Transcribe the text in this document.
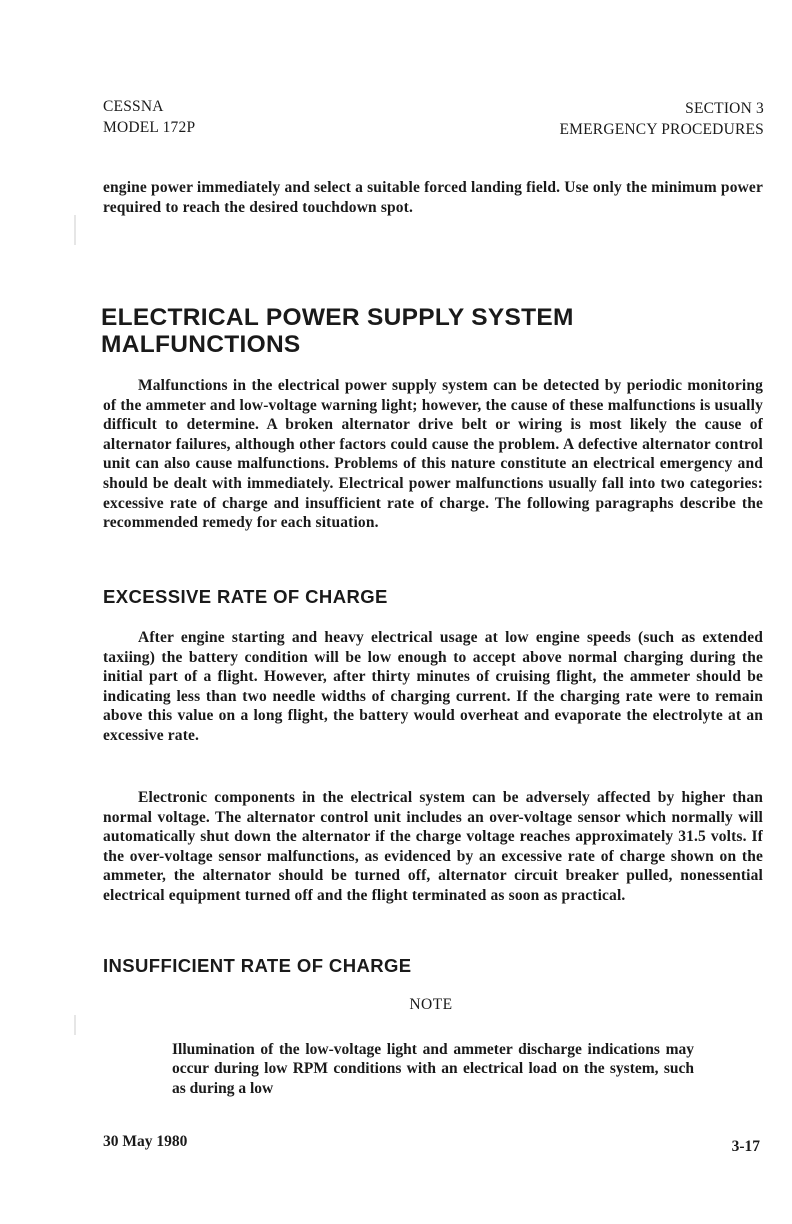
CESSNA
MODEL 172P
SECTION 3
EMERGENCY PROCEDURES

engine power immediately and select a suitable forced landing field. Use only the minimum power required to reach the desired touchdown spot.

ELECTRICAL POWER SUPPLY SYSTEM MALFUNCTIONS

Malfunctions in the electrical power supply system can be detected by periodic monitoring of the ammeter and low-voltage warning light; however, the cause of these malfunctions is usually difficult to determine. A broken alternator drive belt or wiring is most likely the cause of alternator failures, although other factors could cause the problem. A defective alternator control unit can also cause malfunctions. Problems of this nature constitute an electrical emergency and should be dealt with immediately. Electrical power malfunctions usually fall into two categories: excessive rate of charge and insufficient rate of charge. The following paragraphs describe the recommended remedy for each situation.

EXCESSIVE RATE OF CHARGE

After engine starting and heavy electrical usage at low engine speeds (such as extended taxiing) the battery condition will be low enough to accept above normal charging during the initial part of a flight. However, after thirty minutes of cruising flight, the ammeter should be indicating less than two needle widths of charging current. If the charging rate were to remain above this value on a long flight, the battery would overheat and evaporate the electrolyte at an excessive rate.

Electronic components in the electrical system can be adversely affected by higher than normal voltage. The alternator control unit includes an over-voltage sensor which normally will automatically shut down the alternator if the charge voltage reaches approximately 31.5 volts. If the over-voltage sensor malfunctions, as evidenced by an excessive rate of charge shown on the ammeter, the alternator should be turned off, alternator circuit breaker pulled, nonessential electrical equipment turned off and the flight terminated as soon as practical.

INSUFFICIENT RATE OF CHARGE
NOTE

Illumination of the low-voltage light and ammeter discharge indications may occur during low RPM conditions with an electrical load on the system, such as during a low

30 May 1980	3-17
